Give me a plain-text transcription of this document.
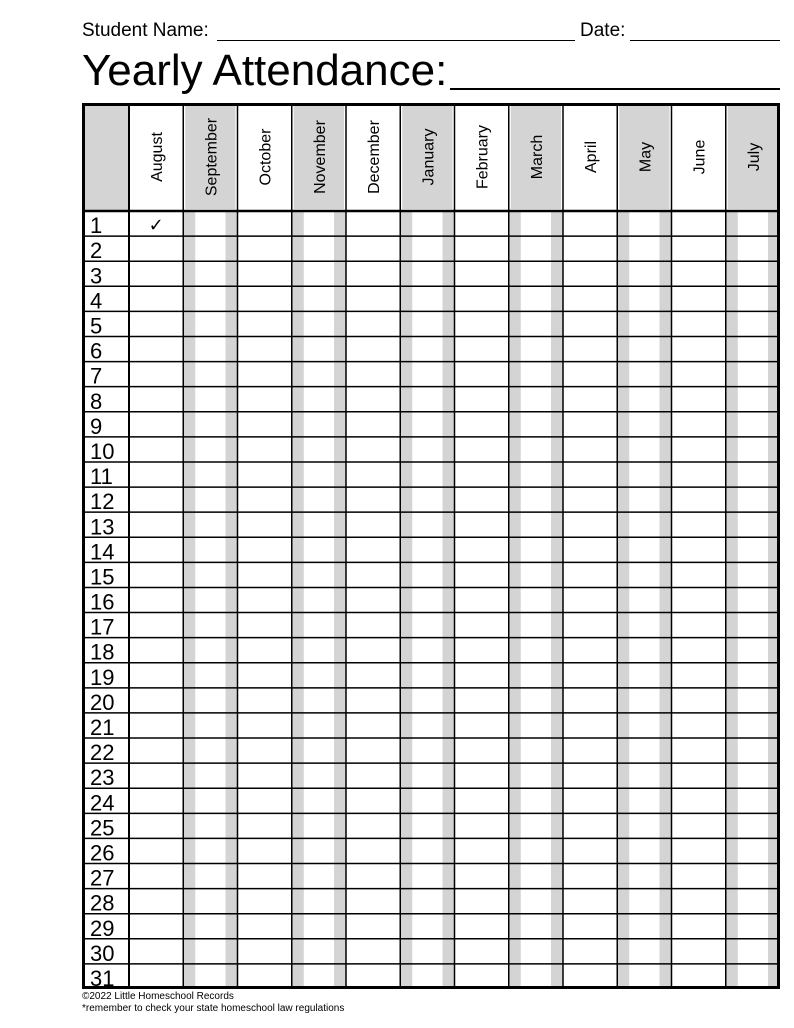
Student Name:	Date:
Yearly Attendance:
August September October November December January February March April May June July
1
2
3
4
5
6
7
8
9
10
11
12
13
14
15
16
17
18
19
20
21
22
23
24
25
26
27
28
29
30
31
✓
©2022 Little Homeschool Records
*remember to check your state homeschool law regulations
